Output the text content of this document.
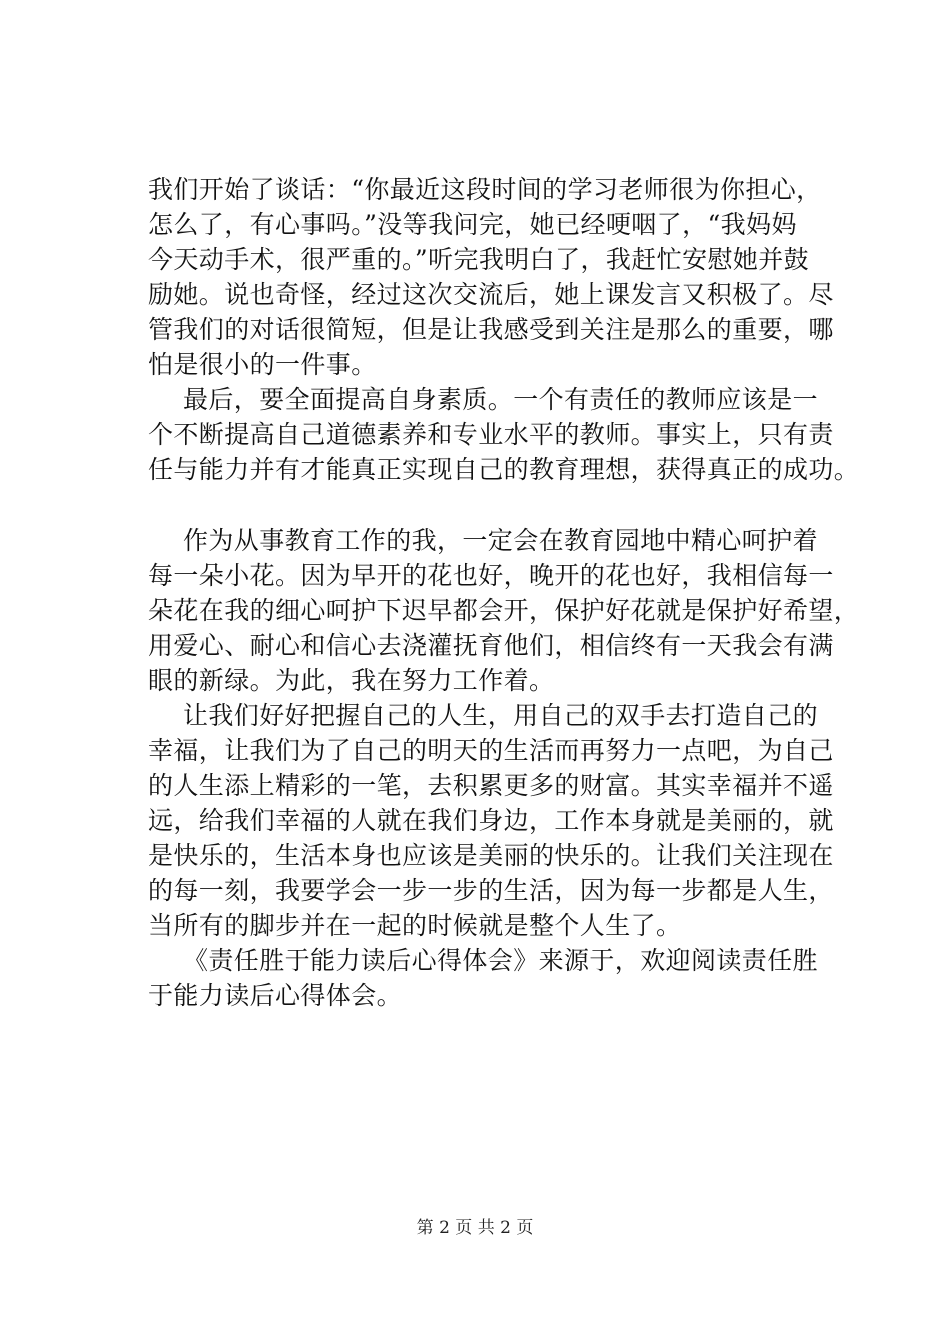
我们开始了谈话：“你最近这段时间的学习老师很为你担心，
怎么了，有心事吗。”没等我问完，她已经哽咽了，“我妈妈
今天动手术，很严重的。”听完我明白了，我赶忙安慰她并鼓
励她。说也奇怪，经过这次交流后，她上课发言又积极了。尽
管我们的对话很简短，但是让我感受到关注是那么的重要，哪
怕是很小的一件事。
最后，要全面提高自身素质。一个有责任的教师应该是一
个不断提高自己道德素养和专业水平的教师。事实上，只有责
任与能力并有才能真正实现自己的教育理想，获得真正的成功。
作为从事教育工作的我，一定会在教育园地中精心呵护着
每一朵小花。因为早开的花也好，晚开的花也好，我相信每一
朵花在我的细心呵护下迟早都会开，保护好花就是保护好希望，
用爱心、耐心和信心去浇灌抚育他们，相信终有一天我会有满
眼的新绿。为此，我在努力工作着。
让我们好好把握自己的人生，用自己的双手去打造自己的
幸福，让我们为了自己的明天的生活而再努力一点吧，为自己
的人生添上精彩的一笔，去积累更多的财富。其实幸福并不遥
远，给我们幸福的人就在我们身边，工作本身就是美丽的，就
是快乐的，生活本身也应该是美丽的快乐的。让我们关注现在
的每一刻，我要学会一步一步的生活，因为每一步都是人生，
当所有的脚步并在一起的时候就是整个人生了。
《责任胜于能力读后心得体会》来源于，欢迎阅读责任胜
于能力读后心得体会。
第 2 页 共 2 页
